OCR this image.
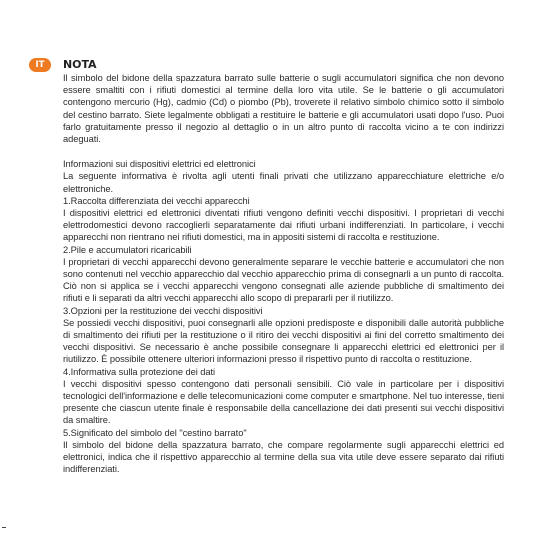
IT	NOTA

Il simbolo del bidone della spazzatura barrato sulle batterie o sugli accumulatori significa che non devono essere smaltiti con i rifiuti domestici al termine della loro vita utile. Se le batterie o gli accumulatori contengono mercurio (Hg), cadmio (Cd) o piombo (Pb), troverete il relativo simbolo chimico sotto il simbolo del cestino barrato. Siete legalmente obbligati a restituire le batterie e gli accumulatori usati dopo l'uso. Puoi farlo gratuitamente presso il negozio al dettaglio o in un altro punto di raccolta vicino a te con indirizzi adeguati.

Informazioni sui dispositivi elettrici ed elettronici

La seguente informativa è rivolta agli utenti finali privati che utilizzano apparecchiature elettriche e/o elettroniche.

1.Raccolta differenziata dei vecchi apparecchi

I dispositivi elettrici ed elettronici diventati rifiuti vengono definiti vecchi dispositivi. I proprietari di vecchi elettrodomestici devono raccoglierli separatamente dai rifiuti urbani indifferenziati. In particolare, i vecchi apparecchi non rientrano nei rifiuti domestici, ma in appositi sistemi di raccolta e restituzione.

2.Pile e accumulatori ricaricabili

I proprietari di vecchi apparecchi devono generalmente separare le vecchie batterie e accumulatori che non sono contenuti nel vecchio apparecchio dal vecchio apparecchio prima di consegnarli a un punto di raccolta. Ciò non si applica se i vecchi apparecchi vengono consegnati alle aziende pubbliche di smaltimento dei rifiuti e li separati da altri vecchi apparecchi allo scopo di prepararli per il riutilizzo.

3.Opzioni per la restituzione dei vecchi dispositivi

Se possiedi vecchi dispositivi, puoi consegnarli alle opzioni predisposte e disponibili dalle autorità pubbliche di smaltimento dei rifiuti per la restituzione o il ritiro dei vecchi dispositivi ai fini del corretto smaltimento dei vecchi dispositivi. Se necessario è anche possibile consegnare li apparecchi elettrici ed elettronici per il riutilizzo. È possibile ottenere ulteriori informazioni presso il rispettivo punto di raccolta o restituzione.

4.Informativa sulla protezione dei dati

I vecchi dispositivi spesso contengono dati personali sensibili. Ciò vale in particolare per i dispositivi tecnologici dell'informazione e delle telecomunicazioni come computer e smartphone. Nel tuo interesse, tieni presente che ciascun utente finale è responsabile della cancellazione dei dati presenti sui vecchi dispositivi da smaltire.

5.Significato del simbolo del "cestino barrato"

Il simbolo del bidone della spazzatura barrato, che compare regolarmente sugli apparecchi elettrici ed elettronici, indica che il rispettivo apparecchio al termine della sua vita utile deve essere separato dai rifiuti indifferenziati.
